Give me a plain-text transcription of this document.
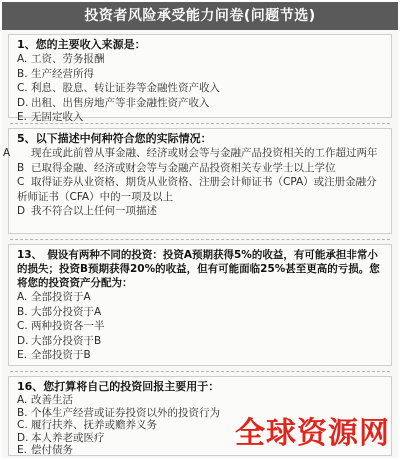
投资者风险承受能力问卷(问题节选)
1、您的主要收入来源是：
A. 工资、劳务报酬
B. 生产经营所得
C. 利息、股息、转让证券等金融性资产收入
D. 出租、出售房地产等非金融性资产收入
E. 无固定收入
5、以下描述中何种符合您的实际情况：
A 现在或此前曾从事金融、经济或财会等与金融产品投资相关的工作超过两年
B 已取得金融、经济或财会等与金融产品投资相关专业学士以上学位
C 取得证券从业资格、期货从业资格、注册会计师证书（CPA）或注册金融分析师证书（CFA）中的一项及以上
D 我不符合以上任何一项描述
13、　假设有两种不同的投资：投资A预期获得5%的收益，有可能承担非常小的损失；投资B预期获得20%的收益，但有可能面临25%甚至更高的亏损。您将您的投资资产分配为：
A. 全部投资于A
B. 大部分投资于A
C. 两种投资各一半
D. 大部分投资于B
E. 全部投资于B
16、您打算将自己的投资回报主要用于：
A. 改善生活
B. 个体生产经营或证券投资以外的投资行为
C. 履行扶养、抚养或赡养义务
D. 本人养老或医疗
E. 偿付债务	全球资源网
